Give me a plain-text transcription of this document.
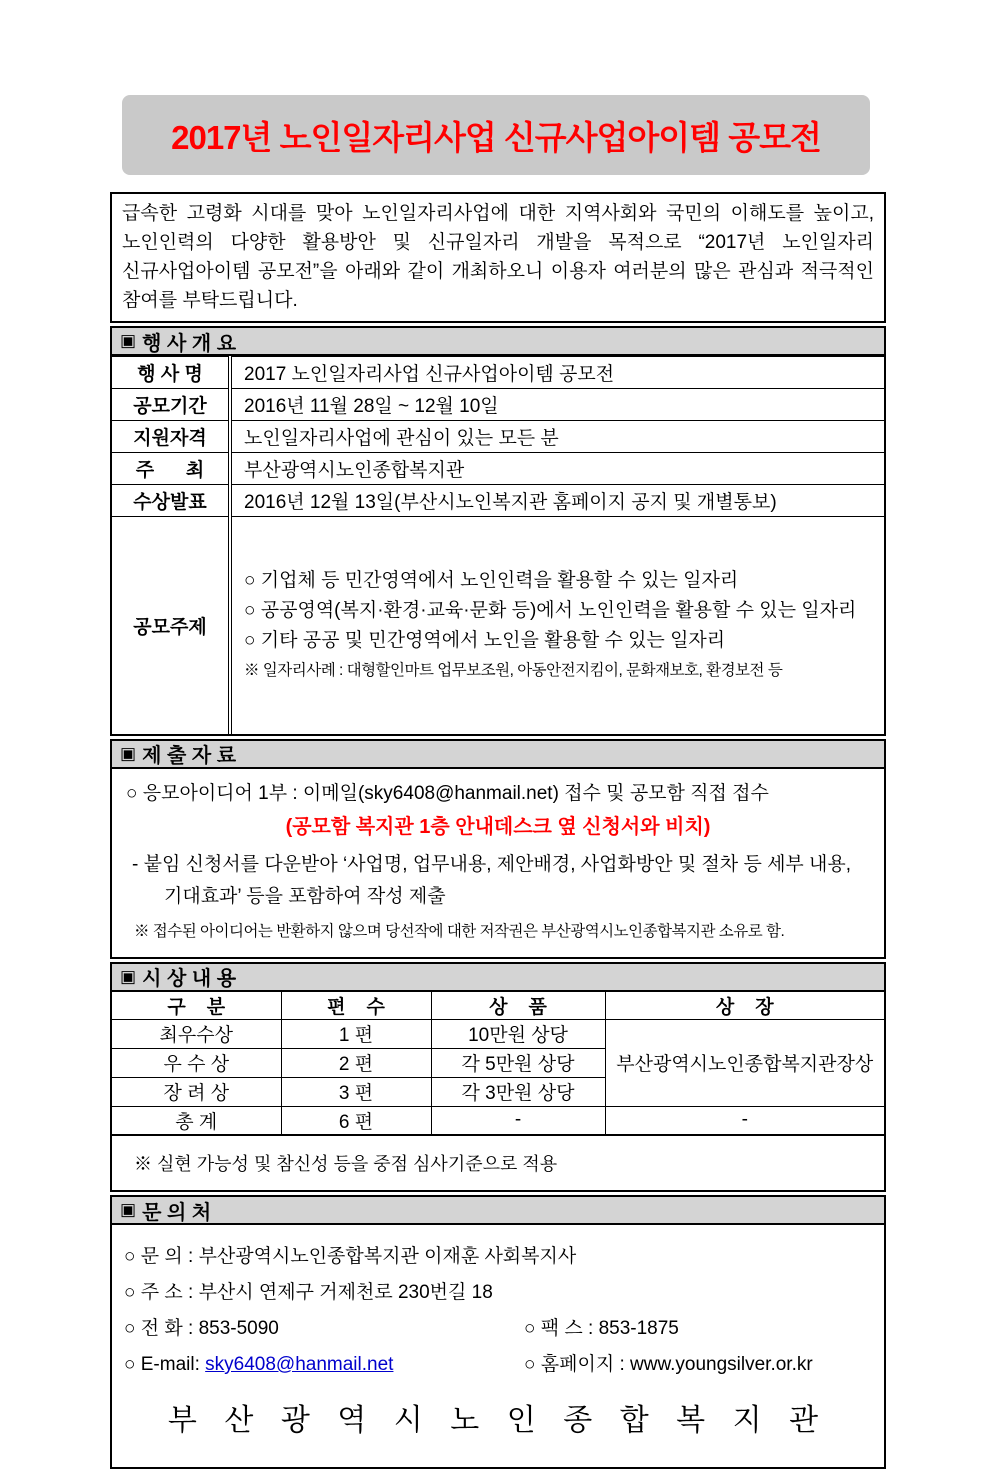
2017년 노인일자리사업 신규사업아이템 공모전
급속한 고령화 시대를 맞아 노인일자리사업에 대한 지역사회와 국민의 이해도를 높이고, 노인인력의 다양한 활용방안 및 신규일자리 개발을 목적으로 “2017년 노인일자리 신규사업아이템 공모전”을 아래와 같이 개최하오니 이용자 여러분의 많은 관심과 적극적인 참여를 부탁드립니다.
▣ 행 사 개 요
행 사 명	2017 노인일자리사업 신규사업아이템 공모전
공모기간	2016년 11월 28일 ~ 12월 10일
지원자격	노인일자리사업에 관심이 있는 모든 분
주      최	부산광역시노인종합복지관
수상발표	2016년 12월 13일(부산시노인복지관 홈페이지 공지 및 개별통보)
공모주제	○ 기업체 등 민간영역에서 노인인력을 활용할 수 있는 일자리
○ 공공영역(복지·환경·교육·문화 등)에서 노인인력을 활용할 수 있는 일자리
○ 기타 공공 및 민간영역에서 노인을 활용할 수 있는 일자리
※ 일자리사례 : 대형할인마트 업무보조원, 아동안전지킴이, 문화재보호, 환경보전 등
▣ 제 출 자 료
○ 응모아이디어 1부 : 이메일(sky6408@hanmail.net) 접수 및 공모함 직접 접수
(공모함 복지관 1층 안내데스크 옆 신청서와 비치)
- 붙임 신청서를 다운받아 ‘사업명, 업무내용, 제안배경, 사업화방안 및 절차 등 세부 내용, 기대효과’ 등을 포함하여 작성 제출
※ 접수된 아이디어는 반환하지 않으며 당선작에 대한 저작권은 부산광역시노인종합복지관 소유로 함.
▣ 시 상 내 용
구    분	편    수	상    품	상    장
최우수상	1 편	10만원 상당	부산광역시노인종합복지관장상
우 수 상	2 편	각 5만원 상당	
장 려 상	3 편	각 3만원 상당	
총 계	6 편	-	-
※ 실현 가능성 및 참신성 등을 중점 심사기준으로 적용
▣ 문 의 처
○ 문 의 : 부산광역시노인종합복지관 이재훈 사회복지사
○ 주 소 : 부산시 연제구 거제천로 230번길 18
○ 전 화 : 853-5090	○ 팩 스 : 853-1875
○ E-mail: sky6408@hanmail.net	○ 홈페이지 : www.youngsilver.or.kr
부 산 광 역 시 노 인 종 합 복 지 관
